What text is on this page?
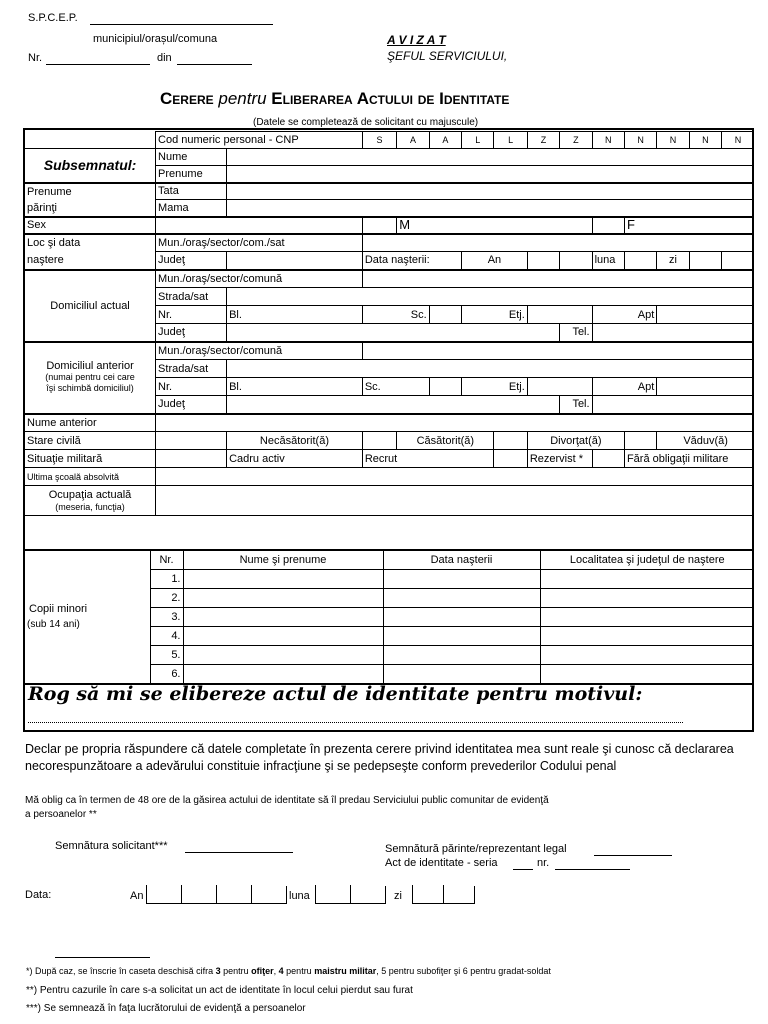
S.P.C.E.P.
municipiul/orașul/comuna
Nr.	din
A V I Z A T
ŞEFUL SERVICIULUI,
Cerere pentru Eliberarea Actului de Identitate
(Datele se completează de solicitant cu majuscule)
	Cod numeric personal - CNP		S	A	A	L	L	Z	Z	N	N	N	N	N
Subsemnatul:	Nume													
	Prenume													
Prenume	Tata													
părinţi	Mama													
Sex				M							F			
Loc şi data	Mun./oraş/sector/com./sat													
naştere	Judeţ		Data naşterii:			An				luna		zi		
Domiciliul actual	Mun./oraş/sector/comună													
	Strada/sat													
	Nr.	Bl.	Sc.			Etj.				Apt				
	Judeţ								Tel.					

Domiciliul anterior
(numai pentru cei care
îşi schimbă domiciliul)	Mun./oraş/sector/comună													
	Strada/sat													
	Nr.	Bl.	Sc.			Etj.				Apt				
	Judeţ								Tel.					
Nume anterior														
Stare civilă		Necăsătorit(ă)		Căsătorit(ă)				Divorţat(ă)				Văduv(ă)		
Situaţie militară		Cadru activ	Recrut					Rezervist *			Fără obligaţii militare			
Ultima şcoală absolvită														

Ocupaţia actuală
(meseria, funcţia)														

Copii minori
(sub 14 ani)	Nr.	Nume şi prenume	Data naşterii	Localitatea şi judeţul de naştere
	1.			
	2.			
	3.			
	4.			
	5.			
	6.			
Rog să mi se elibereze actul de identitate pentru motivul:
Declar pe propria răspundere că datele completate în prezenta cerere privind identitatea mea sunt reale şi cunosc că declararea necorespunzătoare a adevărului constituie infracţiune şi se pedepseşte conform prevederilor Codului penal
Mă oblig ca în termen de 48 ore de la găsirea actului de identitate să îl predau Serviciului public comunitar de evidenţă
a persoanelor **
Semnătura solicitant***	Semnătură părinte/reprezentant legal
Act de identitate - seria	nr.
Data:	An	luna	zi
*) După caz, se înscrie în caseta deschisă cifra 3 pentru ofiţer, 4 pentru maistru militar, 5 pentru subofiţer şi 6 pentru gradat-soldat
**) Pentru cazurile în care s-a solicitat un act de identitate în locul celui pierdut sau furat
***) Se semnează în faţa lucrătorului de evidenţă a persoanelor
